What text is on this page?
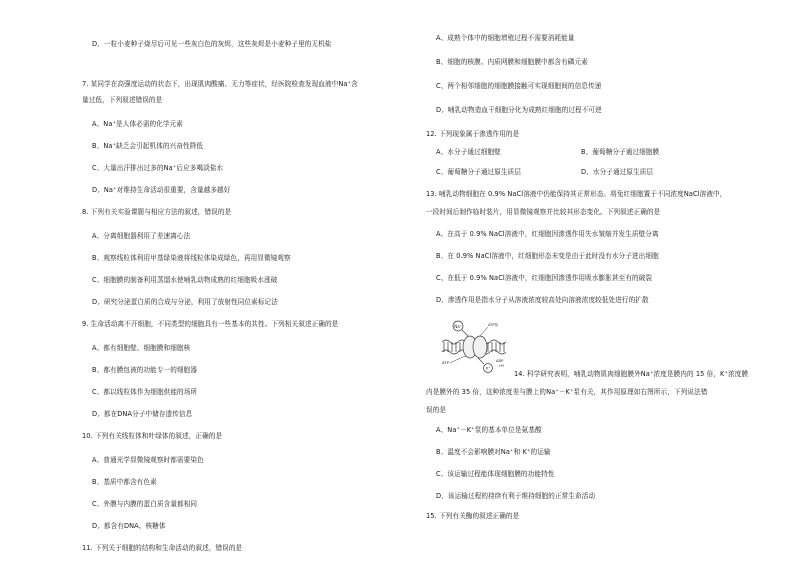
D、一粒小麦种子烧尽后可见一些灰白色的灰烬，这些灰烬是小麦种子里的无机盐
7. 某同学在高强度运动的状态下，出现肌肉酸痛、无力等症状，经医院检查发现血液中Na⁺含
量过低，下列叙述错误的是
A、Na⁺是人体必需的化学元素
B、Na⁺缺乏会引起机体的兴奋性降低
C、大量出汗排出过多的Na⁺后应多喝淡盐水
D、Na⁺对维持生命活动很重要，含量越多越好
8. 下列有关实验课题与相应方法的叙述，错误的是
A、分离细胞器利用了差速离心法
B、观察线粒体利用甲基绿染液将线粒体染成绿色，再用显微镜观察
C、细胞膜的制备利用蒸馏水使哺乳动物成熟的红细胞吸水涨破
D、研究分泌蛋白质的合成与分泌，利用了放射性同位素标记法
9. 生命活动离不开细胞，不同类型的细胞具有一些基本的共性。下列相关叙述正确的是
A、都有细胞壁、细胞膜和细胞核
B、都有膜包被的功能专一的细胞器
C、都以线粒体作为细胞供能的场所
D、都在DNA分子中储存遗传信息
10. 下列有关线粒体和叶绿体的叙述，正确的是
A、普通光学显微镜观察时都需要染色
B、基质中都含有色素
C、外膜与内膜的蛋白质含量都相同
D、都含有DNA、核糖体
11. 下列关于细胞的结构和生命活动的叙述，错误的是
A、成熟个体中的细胞增殖过程不需要消耗能量
B、细胞的核膜、内质网膜和细胞膜中都含有磷元素
C、两个相邻细胞的细胞膜接触可实现细胞间的信息传递
D、哺乳动物造血干细胞分化为成熟红细胞的过程不可逆
12. 下列现象属于渗透作用的是
A、水分子通过细胞壁	B、葡萄糖分子通过细胞膜
C、葡萄糖分子通过原生质层	D、水分子通过原生质层
13. 哺乳动物细胞在 0.9% NaCl溶液中仍能保持其正常形态。将兔红细胞置于不同浓度NaCl溶液中，
一段时间后制作临时装片，用显微镜观察并比较其形态变化。下列叙述正确的是
A、在高于 0.9% NaCl溶液中，红细胞因渗透作用失水皱缩并发生质壁分离
B、在 0.9% NaCl溶液中，红细胞形态未变是由于此时没有水分子进出细胞
C、在低于 0.9% NaCl溶液中，红细胞因渗透作用吸水膨胀甚至有的破裂
D、渗透作用是指水分子从溶液浓度较高处向溶液浓度较低处进行的扩散
Na⁺	ATP泵
K⁺
ATP	ADP
+Pi
14. 科学研究表明，哺乳动物肌肉细胞膜外Na⁺浓度是膜内的 15 倍，K⁺浓度膜
内是膜外的 35 倍，这种浓度差与膜上的Na⁺－K⁺泵有关，其作用原理如右图所示，下列说法错
误的是
A、Na⁺－K⁺泵的基本单位是氨基酸
B、温度不会影响膜对Na⁺和 K⁺的运输
C、该运输过程能体现细胞膜的功能特性
D、该运输过程的持续有利于维持细胞的正常生命活动
15. 下列有关酶的叙述正确的是
